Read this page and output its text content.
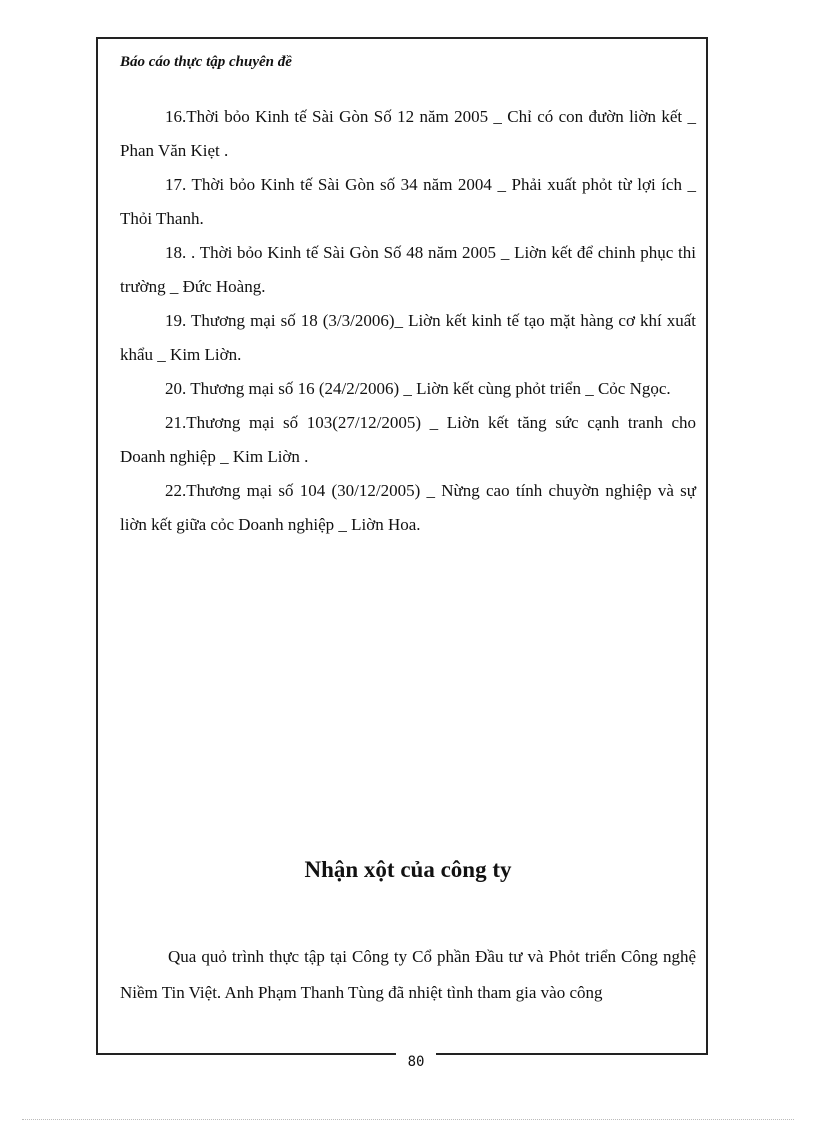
Báo cáo thực tập chuyên đề

16.Thời bỏo Kinh tế Sài Gòn Số 12 năm 2005 _ Chỉ có con đườn liờn kết _ Phan Văn Kiẹt .

17. Thời bỏo Kinh tế Sài Gòn số 34 năm 2004 _ Phải xuất phỏt từ lợi ích _ Thỏi Thanh.

18. . Thời bỏo Kinh tế Sài Gòn Số 48 năm 2005 _ Liờn kết để chinh phục thi trường _ Đức Hoàng.

19. Thương mại số 18 (3/3/2006)_ Liờn kết kinh tế tạo mặt hàng cơ khí xuất khẩu _ Kim Liờn.

20. Thương mại số 16 (24/2/2006) _ Liờn kết cùng phỏt triển _ Cỏc Ngọc.

21.Thương mại số 103(27/12/2005) _ Liờn kết tăng sức cạnh tranh cho Doanh nghiệp _ Kim Liờn .

22.Thương mại số 104 (30/12/2005) _ Nừng cao tính chuyờn nghiệp và sự liờn kết giữa cỏc Doanh nghiệp _ Liờn Hoa.

Nhận xột của công ty

Qua quỏ trình thực tập tại Công ty Cổ phần Đầu tư và Phỏt triển Công nghệ Niềm Tin Việt. Anh Phạm Thanh Tùng đã nhiệt tình tham gia vào công

80
